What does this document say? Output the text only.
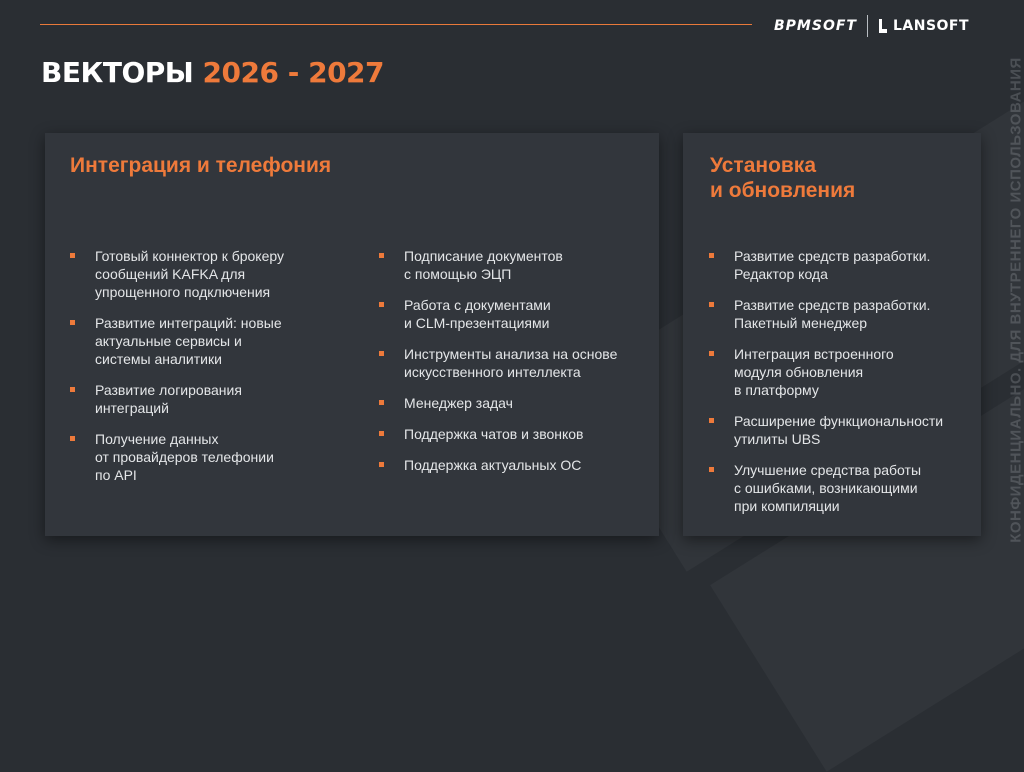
BPMSOFT	LANSOFT
ВЕКТОРЫ 2026 - 2027
Интеграция и телефония
Готовый коннектор к брокеру
сообщений KAFKA для
упрощенного подключения
Развитие интеграций: новые
актуальные сервисы и
системы аналитики
Развитие логирования
интеграций
Получение данных
от провайдеров телефонии
по API
Подписание документов
с помощью ЭЦП
Работа с документами
и CLM-презентациями
Инструменты анализа на основе
искусственного интеллекта
Менеджер задач
Поддержка чатов и звонков
Поддержка актуальных ОС
Установка
и обновления
Развитие средств разработки.
Редактор кода
Развитие средств разработки.
Пакетный менеджер
Интеграция встроенного
модуля обновления
в платформу
Расширение функциональности
утилиты UBS
Улучшение средства работы
с ошибками, возникающими
при компиляции	КОНФИДЕНЦИАЛЬНО. ДЛЯ ВНУТРЕННЕГО ИСПОЛЬЗОВАНИЯ
